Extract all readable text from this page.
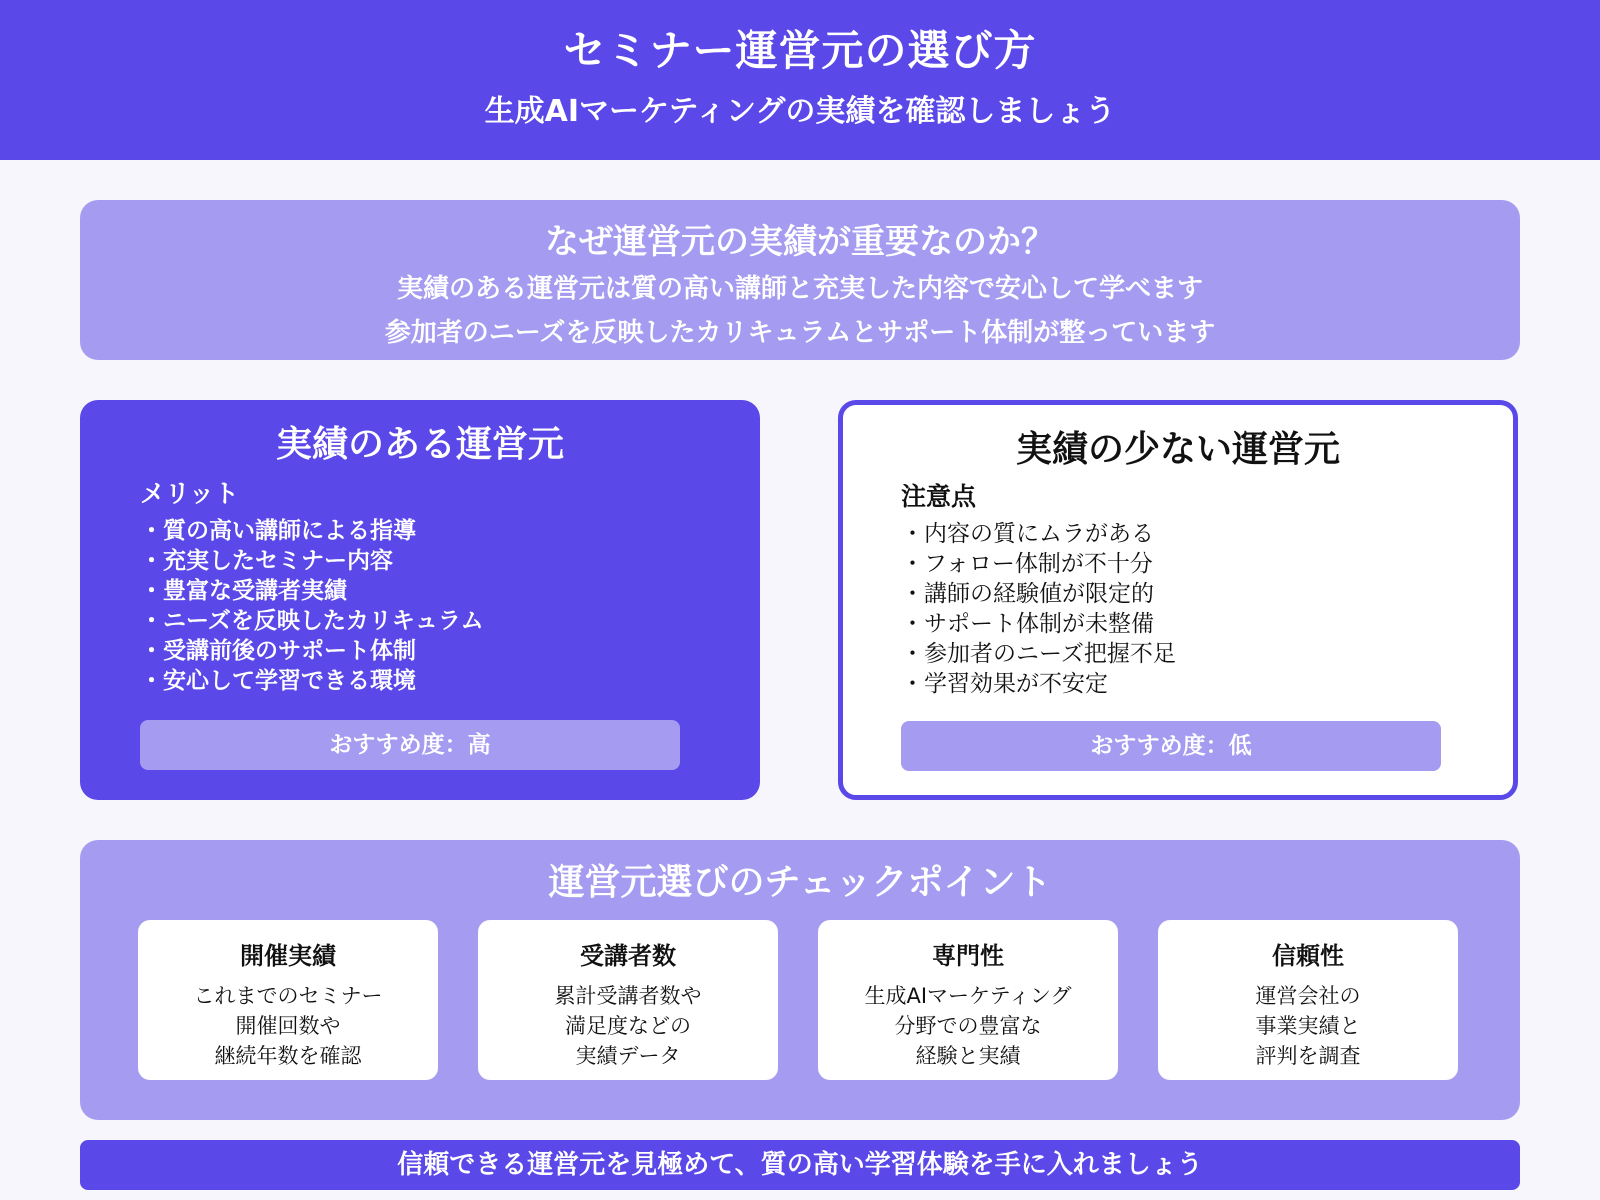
セミナー運営元の選び方
生成AIマーケティングの実績を確認しましょう
なぜ運営元の実績が重要なのか？
実績のある運営元は質の高い講師と充実した内容で安心して学べます
参加者のニーズを反映したカリキュラムとサポート体制が整っています
実績のある運営元
メリット
・質の高い講師による指導
・充実したセミナー内容
・豊富な受講者実績
・ニーズを反映したカリキュラム
・受講前後のサポート体制
・安心して学習できる環境
おすすめ度：高
実績の少ない運営元
注意点
・内容の質にムラがある
・フォロー体制が不十分
・講師の経験値が限定的
・サポート体制が未整備
・参加者のニーズ把握不足
・学習効果が不安定
おすすめ度：低
運営元選びのチェックポイント
開催実績
これまでのセミナー
開催回数や
継続年数を確認
受講者数
累計受講者数や
満足度などの
実績データ
専門性
生成AIマーケティング
分野での豊富な
経験と実績
信頼性
運営会社の
事業実績と
評判を調査
信頼できる運営元を見極めて、質の高い学習体験を手に入れましょう
